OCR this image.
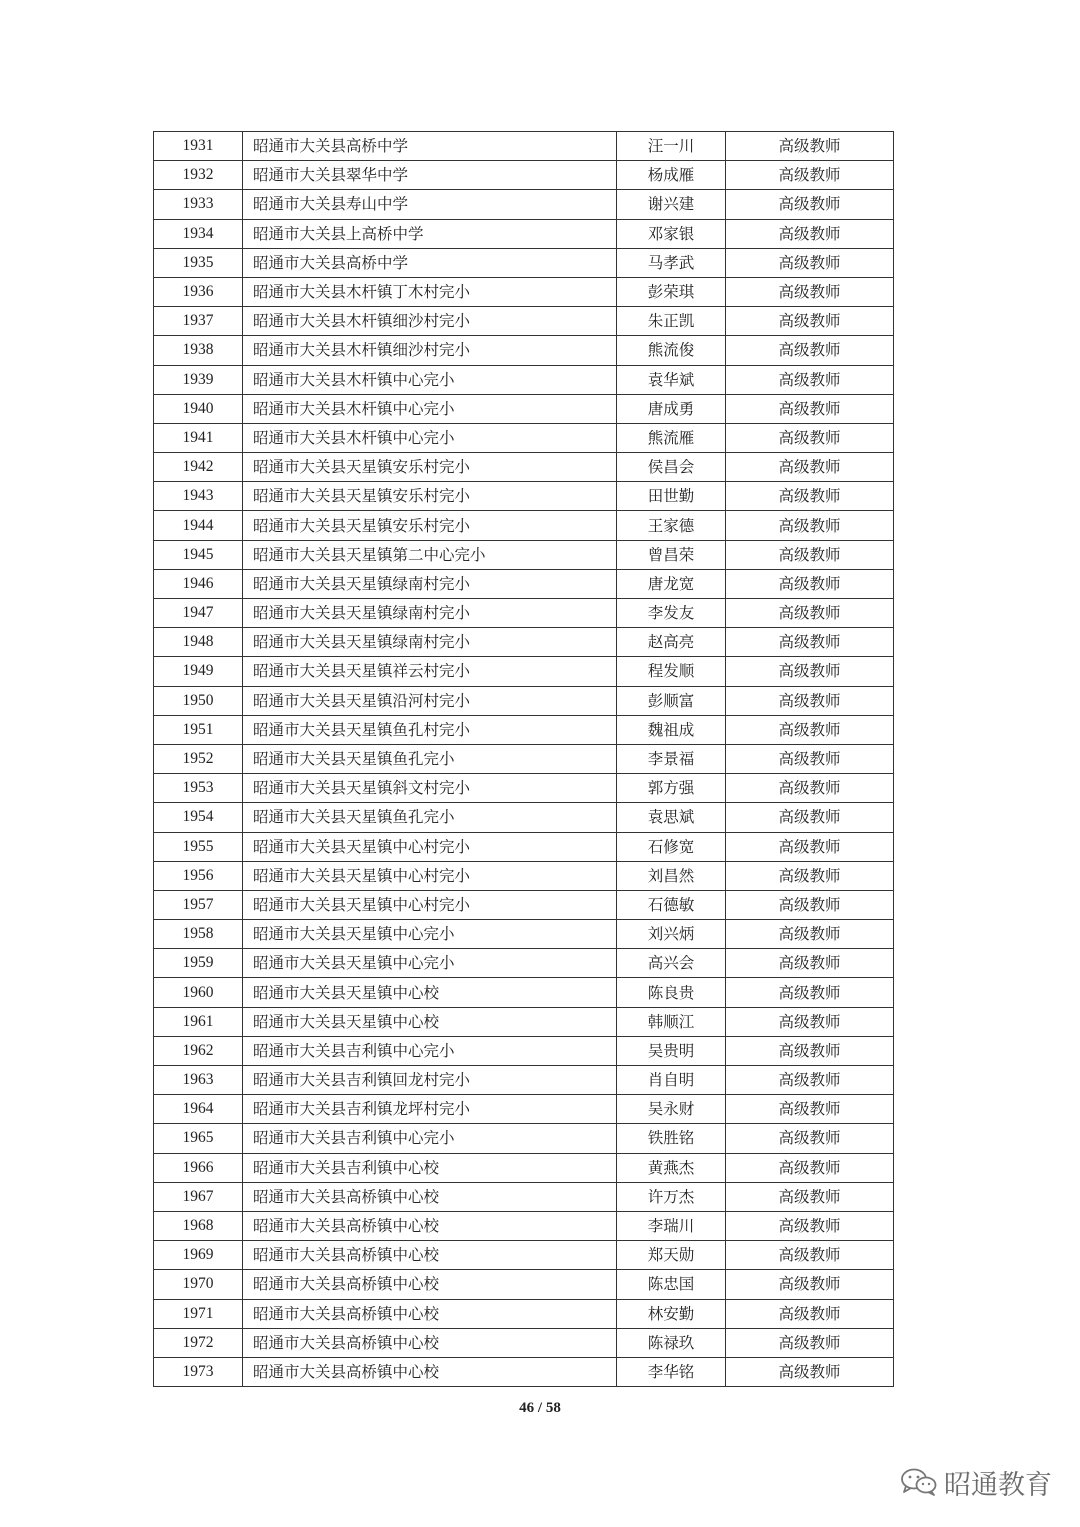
1931	昭通市大关县高桥中学	汪一川	高级教师
1932	昭通市大关县翠华中学	杨成雁	高级教师
1933	昭通市大关县寿山中学	谢兴建	高级教师
1934	昭通市大关县上高桥中学	邓家银	高级教师
1935	昭通市大关县高桥中学	马孝武	高级教师
1936	昭通市大关县木杆镇丁木村完小	彭荣琪	高级教师
1937	昭通市大关县木杆镇细沙村完小	朱正凯	高级教师
1938	昭通市大关县木杆镇细沙村完小	熊流俊	高级教师
1939	昭通市大关县木杆镇中心完小	袁华斌	高级教师
1940	昭通市大关县木杆镇中心完小	唐成勇	高级教师
1941	昭通市大关县木杆镇中心完小	熊流雁	高级教师
1942	昭通市大关县天星镇安乐村完小	侯昌会	高级教师
1943	昭通市大关县天星镇安乐村完小	田世勤	高级教师
1944	昭通市大关县天星镇安乐村完小	王家德	高级教师
1945	昭通市大关县天星镇第二中心完小	曾昌荣	高级教师
1946	昭通市大关县天星镇绿南村完小	唐龙宽	高级教师
1947	昭通市大关县天星镇绿南村完小	李发友	高级教师
1948	昭通市大关县天星镇绿南村完小	赵高亮	高级教师
1949	昭通市大关县天星镇祥云村完小	程发顺	高级教师
1950	昭通市大关县天星镇沿河村完小	彭顺富	高级教师
1951	昭通市大关县天星镇鱼孔村完小	魏祖成	高级教师
1952	昭通市大关县天星镇鱼孔完小	李景福	高级教师
1953	昭通市大关县天星镇斜文村完小	郭方强	高级教师
1954	昭通市大关县天星镇鱼孔完小	袁思斌	高级教师
1955	昭通市大关县天星镇中心村完小	石修宽	高级教师
1956	昭通市大关县天星镇中心村完小	刘昌然	高级教师
1957	昭通市大关县天星镇中心村完小	石德敏	高级教师
1958	昭通市大关县天星镇中心完小	刘兴炳	高级教师
1959	昭通市大关县天星镇中心完小	高兴会	高级教师
1960	昭通市大关县天星镇中心校	陈良贵	高级教师
1961	昭通市大关县天星镇中心校	韩顺江	高级教师
1962	昭通市大关县吉利镇中心完小	吴贵明	高级教师
1963	昭通市大关县吉利镇回龙村完小	肖自明	高级教师
1964	昭通市大关县吉利镇龙坪村完小	吴永财	高级教师
1965	昭通市大关县吉利镇中心完小	铁胜铭	高级教师
1966	昭通市大关县吉利镇中心校	黄燕杰	高级教师
1967	昭通市大关县高桥镇中心校	许万杰	高级教师
1968	昭通市大关县高桥镇中心校	李瑞川	高级教师
1969	昭通市大关县高桥镇中心校	郑天勋	高级教师
1970	昭通市大关县高桥镇中心校	陈忠国	高级教师
1971	昭通市大关县高桥镇中心校	林安勤	高级教师
1972	昭通市大关县高桥镇中心校	陈禄玖	高级教师
1973	昭通市大关县高桥镇中心校	李华铭	高级教师
46 / 58
昭通教育
